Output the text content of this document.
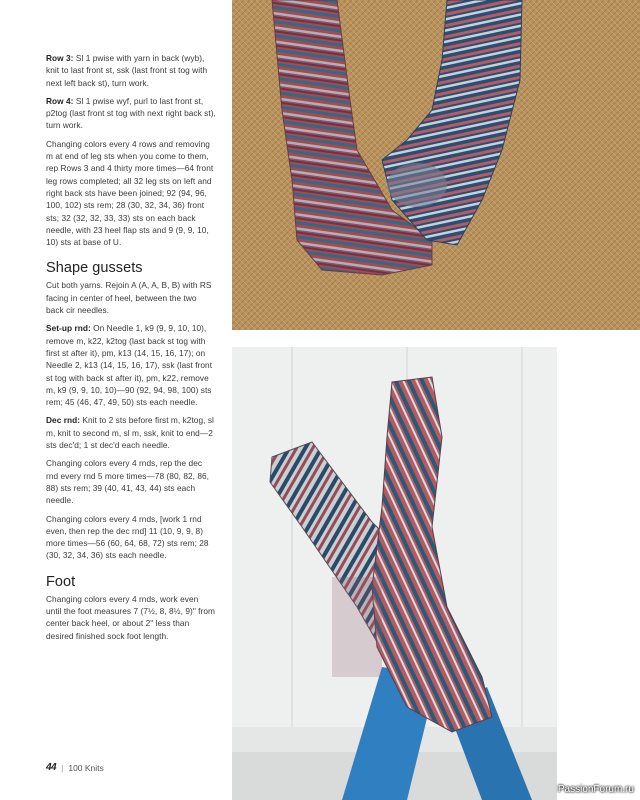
Row 3: Sl 1 pwise with yarn in back (wyb), knit to last front st, ssk (last front st tog with next left back st), turn work.

Row 4: Sl 1 pwise wyf, purl to last front st, p2tog (last front st tog with next right back st), turn work.

Changing colors every 4 rows and removing m at end of leg sts when you come to them, rep Rows 3 and 4 thirty more times—64 front leg rows completed; all 32 leg sts on left and right back sts have been joined; 92 (94, 96, 100, 102) sts rem; 28 (30, 32, 34, 36) front sts; 32 (32, 32, 33, 33) sts on each back needle, with 23 heel flap sts and 9 (9, 9, 10, 10) sts at base of U.

Shape gussets

Cut both yarns. Rejoin A (A, A, B, B) with RS facing in center of heel, between the two back cir needles.

Set-up rnd: On Needle 1, k9 (9, 9, 10, 10), remove m, k22, k2tog (last back st tog with first st after it), pm, k13 (14, 15, 16, 17); on Needle 2, k13 (14, 15, 16, 17), ssk (last front st tog with back st after it), pm, k22, remove m, k9 (9, 9, 10, 10)—90 (92, 94, 98, 100) sts rem; 45 (46, 47, 49, 50) sts each needle.

Dec rnd: Knit to 2 sts before first m, k2tog, sl m, knit to second m, sl m, ssk, knit to end—2 sts dec'd; 1 st dec'd each needle.

Changing colors every 4 rnds, rep the dec rnd every rnd 5 more times—78 (80, 82, 86, 88) sts rem; 39 (40, 41, 43, 44) sts each needle.

Changing colors every 4 rnds, [work 1 rnd even, then rep the dec rnd] 11 (10, 9, 9, 8) more times—56 (60, 64, 68, 72) sts rem; 28 (30, 32, 34, 36) sts each needle.

Foot

Changing colors every 4 rnds, work even until the foot measures 7 (7½, 8, 8½, 9)" from center back heel, or about 2" less than desired finished sock foot length.

44 | 100 Knits
PassionForum.ru
